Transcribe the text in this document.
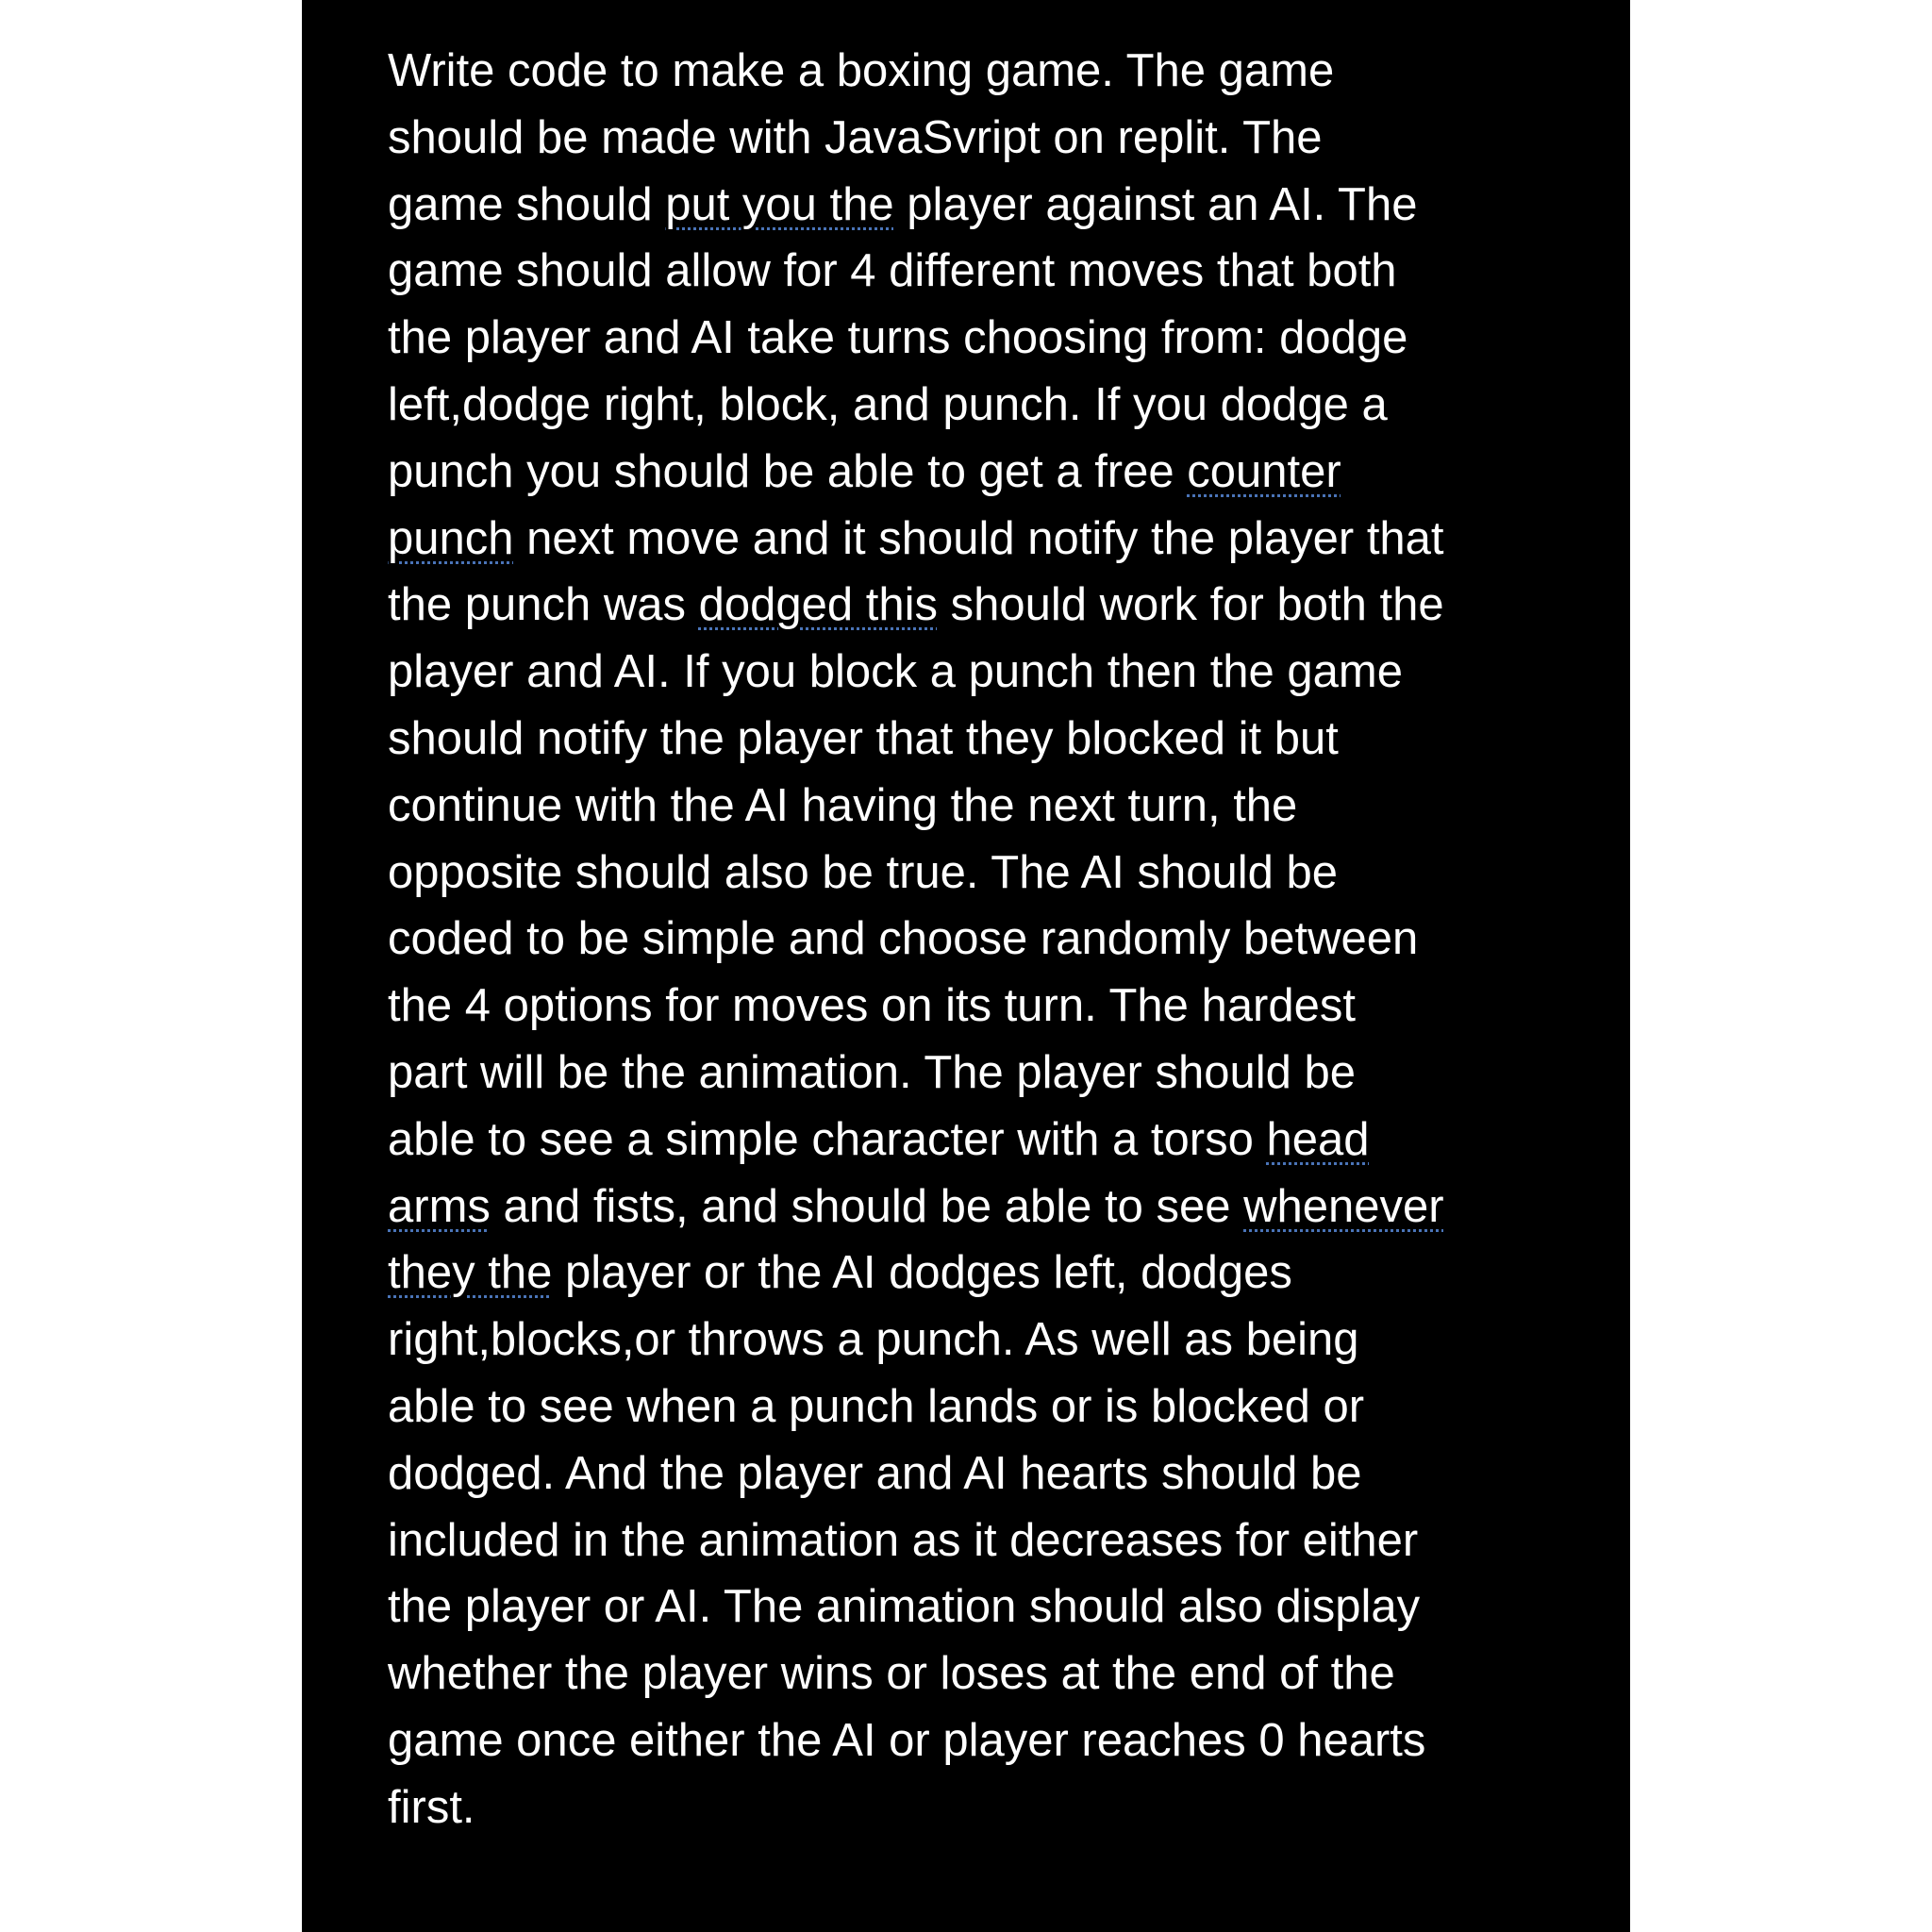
Write code to make a boxing game. The game
should be made with JavaSvript on replit. The
game should put you the player against an AI. The
game should allow for 4 different moves that both
the player and AI take turns choosing from: dodge
left,dodge right, block, and punch. If you dodge a
punch you should be able to get a free counter
punch next move and it should notify the player that
the punch was dodged this should work for both the
player and AI. If you block a punch then the game
should notify the player that they blocked it but
continue with the AI having the next turn, the
opposite should also be true. The AI should be
coded to be simple and choose randomly between
the 4 options for moves on its turn. The hardest
part will be the animation. The player should be
able to see a simple character with a torso head
arms and fists, and should be able to see whenever
they the player or the AI dodges left, dodges
right,blocks,or throws a punch. As well as being
able to see when a punch lands or is blocked or
dodged. And the player and AI hearts should be
included in the animation as it decreases for either
the player or AI. The animation should also display
whether the player wins or loses at the end of the
game once either the AI or player reaches 0 hearts
first.
